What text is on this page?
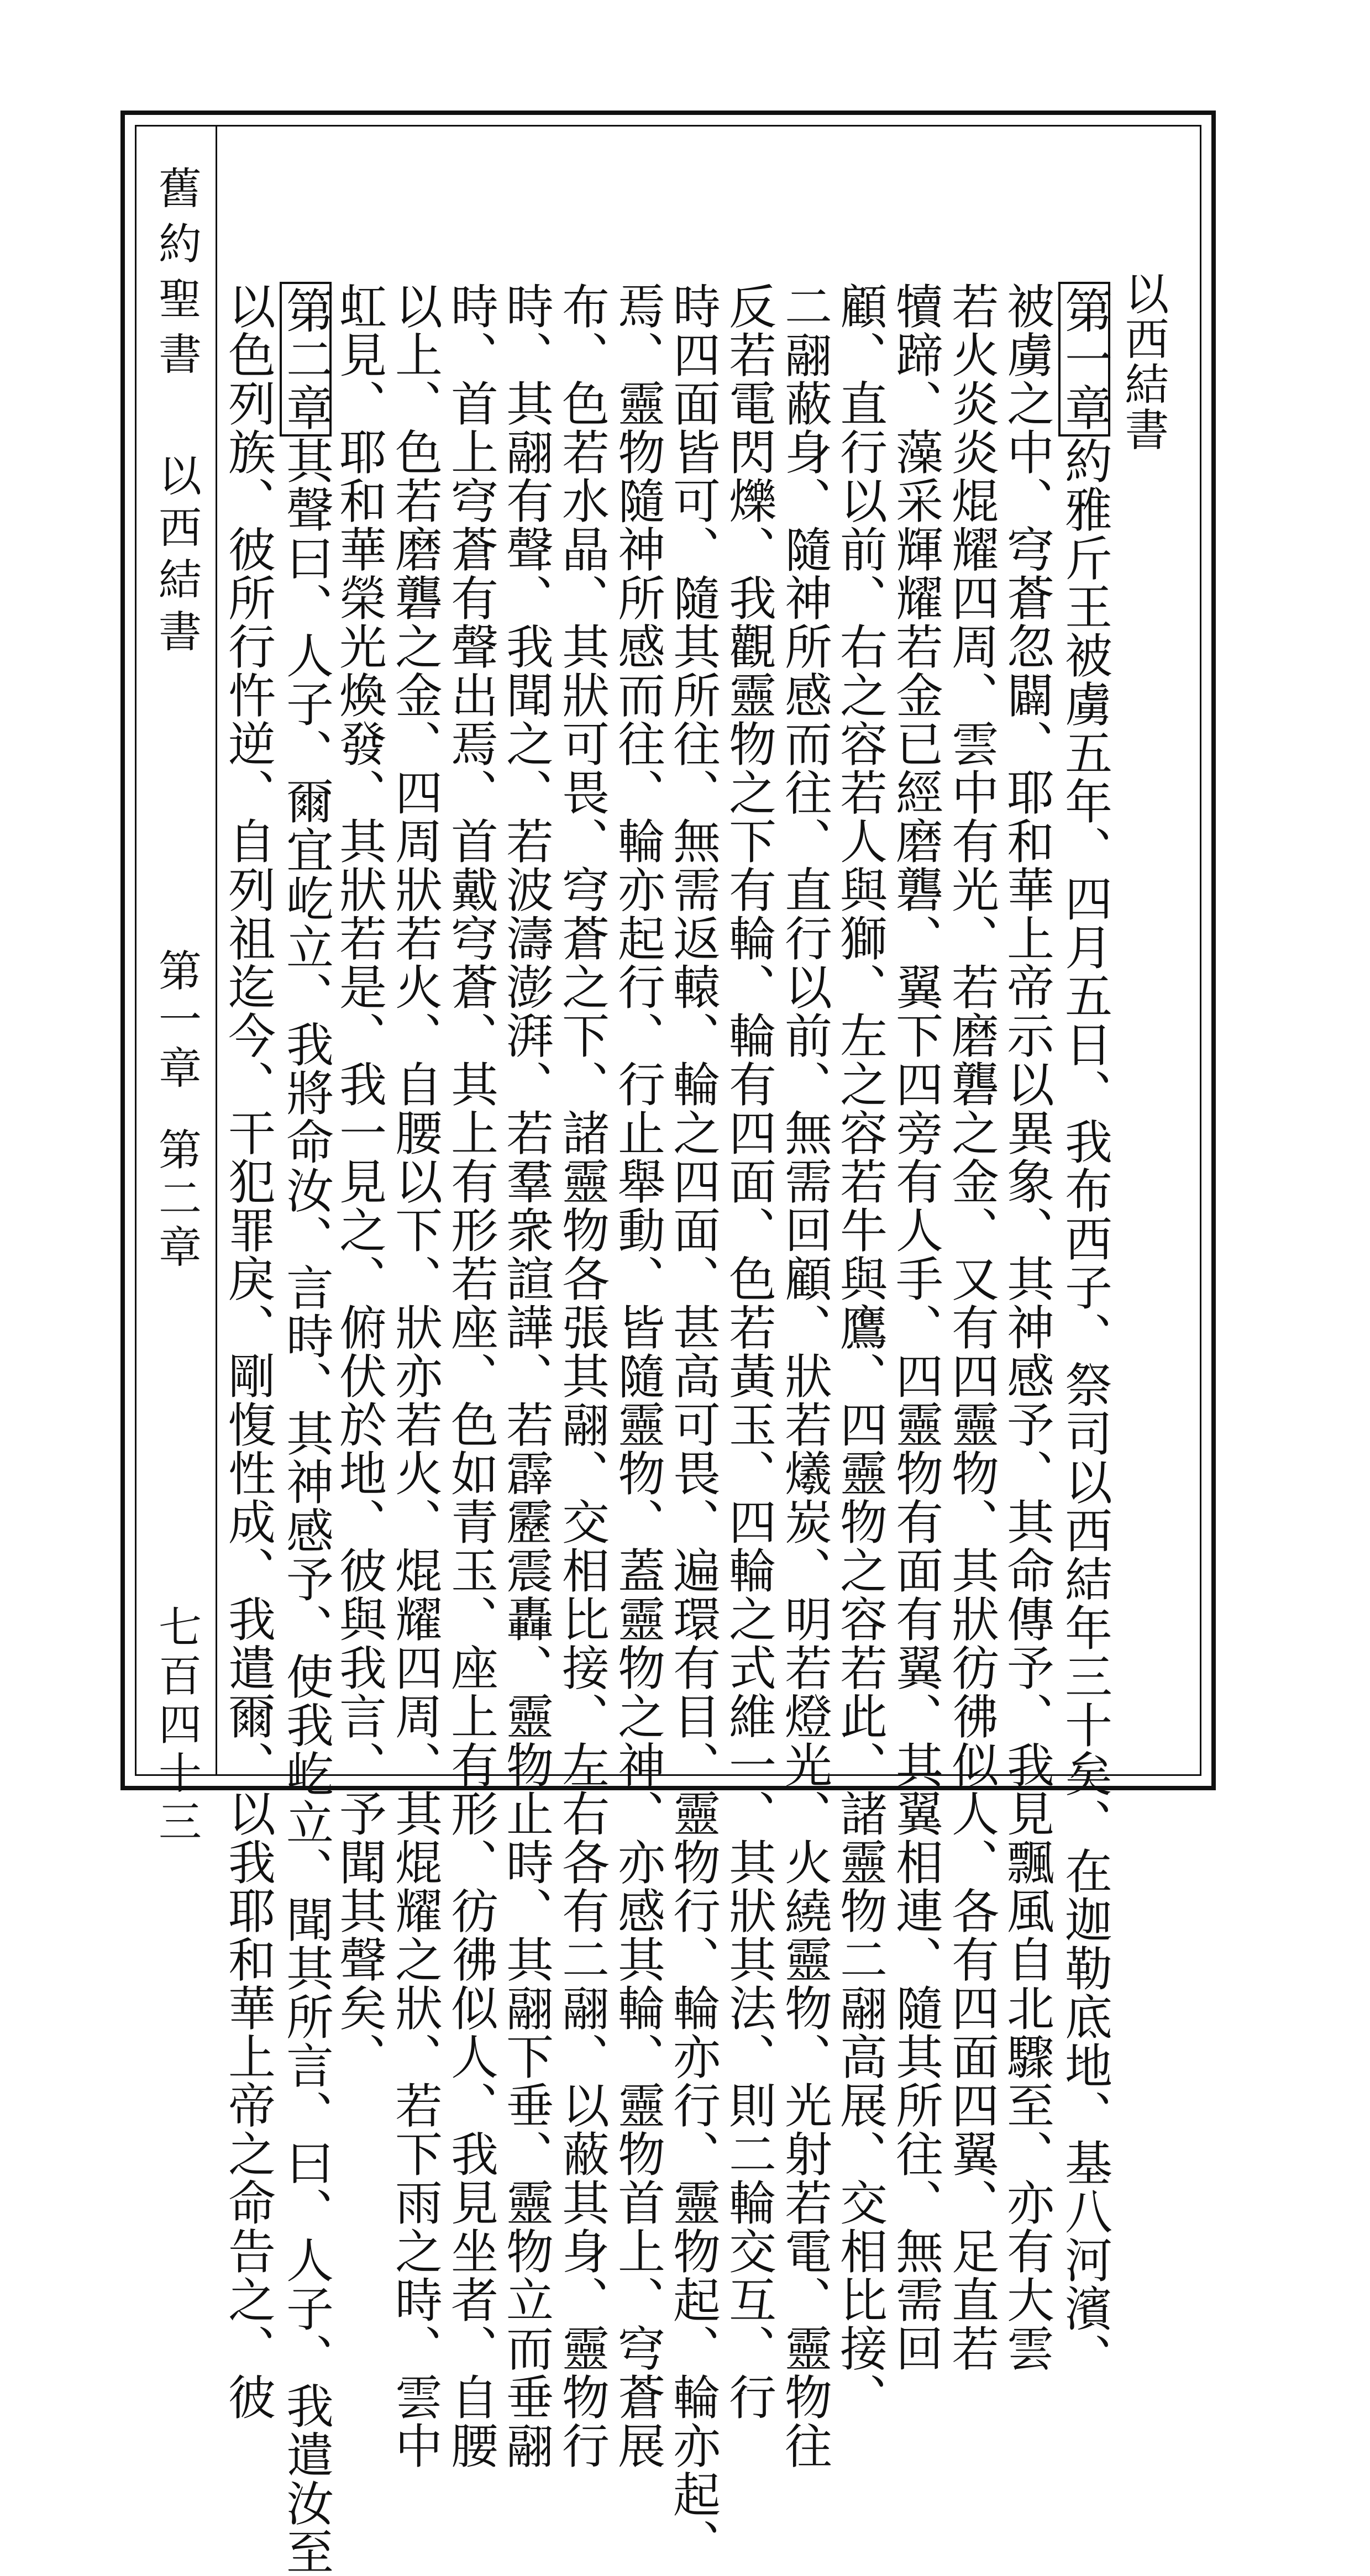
以西結書
第一章約雅斤王被虜五年、四月五日、我布西子、祭司以西結年三十矣、在迦勒底地、基八河濱、
被虜之中、穹蒼忽闢、耶和華上帝示以異象、其神感予、其命傳予、我見飄風自北驟至、亦有大雲
若火炎炎焜耀四周、雲中有光、若磨礱之金、又有四靈物、其狀彷彿似人、各有四面四翼、足直若
犢蹄、藻采輝耀若金已經磨礱、翼下四旁有人手、四靈物有面有翼、其翼相連、隨其所往、無需回
顧、直行以前、右之容若人與獅、左之容若牛與鷹、四靈物之容若此、諸靈物二翮高展、交相比接、
二翮蔽身、隨神所感而往、直行以前、無需回顧、狀若爔炭、明若燈光、火繞靈物、光射若電、靈物往
反若電閃爍、我觀靈物之下有輪、輪有四面、色若黃玉、四輪之式維一、其狀其法、則二輪交互、行
時四面皆可、隨其所往、無需返轅、輪之四面、甚高可畏、遍環有目、靈物行、輪亦行、靈物起、輪亦起、
焉、靈物隨神所感而往、輪亦起行、行止舉動、皆隨靈物、蓋靈物之神、亦感其輪、靈物首上、穹蒼展
布、色若水晶、其狀可畏、穹蒼之下、諸靈物各張其翮、交相比接、左右各有二翮、以蔽其身、靈物行
時、其翮有聲、我聞之、若波濤澎湃、若羣衆諠譁、若霹靂震轟、靈物止時、其翮下垂、靈物立而垂翮
時、首上穹蒼有聲出焉、首戴穹蒼、其上有形若座、色如青玉、座上有形、彷彿似人、我見坐者、自腰
以上、色若磨礱之金、四周狀若火、自腰以下、狀亦若火、焜耀四周、其焜耀之狀、若下雨之時、雲中
虹見、耶和華榮光煥發、其狀若是、我一見之、俯伏於地、彼與我言、予聞其聲矣、
舊約聖書以西結書第一章第二章七百四十三
第二章其聲曰、人子、爾宜屹立、我將命汝、言時、其神感予、使我屹立、聞其所言、曰、人子、我遣汝至
以色列族、彼所行忤逆、自列祖迄今、干犯罪戾、剛愎性成、我遣爾、以我耶和華上帝之命告之、彼
